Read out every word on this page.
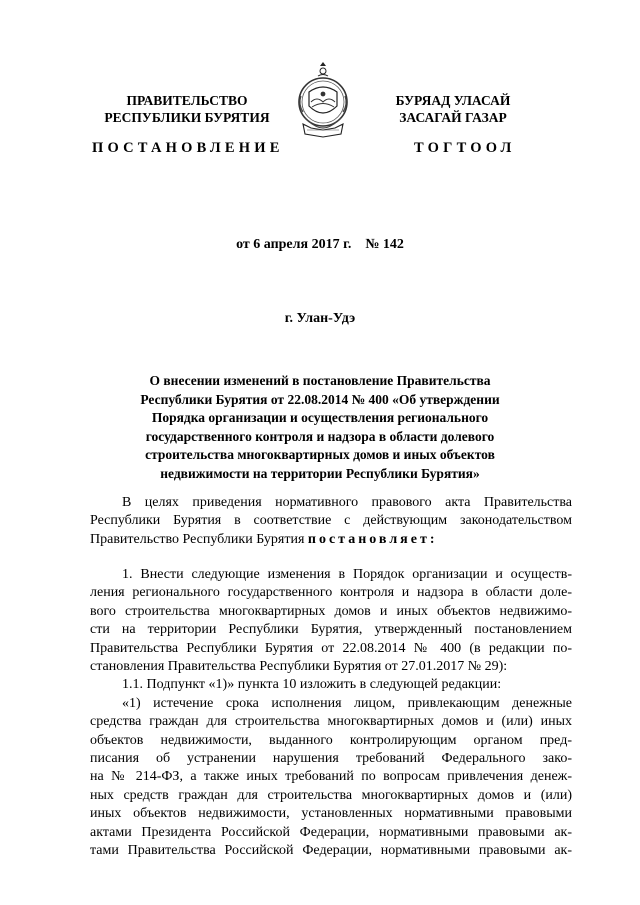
ПРАВИТЕЛЬСТВО
РЕСПУБЛИКИ БУРЯТИЯ
БУРЯАД УЛАСАЙ
ЗАСАГАЙ ГАЗАР
ПОСТАНОВЛЕНИЕ	ТОГТООЛ
от 6 апреля 2017 г. № 142
г. Улан-Удэ
О внесении изменений в постановление Правительства
Республики Бурятия от 22.08.2014 № 400 «Об утверждении
Порядка организации и осуществления регионального
государственного контроля и надзора в области долевого
строительства многоквартирных домов и иных объектов
недвижимости на территории Республики Бурятия»
В целях приведения нормативного правового акта Правительства
Республики Бурятия в соответствие с действующим законодательством
Правительство Республики Бурятия постановляет:
1. Внести следующие изменения в Порядок организации и осуществ-
ления регионального государственного контроля и надзора в области доле-
вого строительства многоквартирных домов и иных объектов недвижимо-
сти на территории Республики Бурятия, утвержденный постановлением
Правительства Республики Бурятия от 22.08.2014 № 400 (в редакции по-
становления Правительства Республики Бурятия от 27.01.2017 № 29):
1.1. Подпункт «1)» пункта 10 изложить в следующей редакции:
«1) истечение срока исполнения лицом, привлекающим денежные
средства граждан для строительства многоквартирных домов и (или) иных
объектов недвижимости, выданного контролирующим органом пред-
писания об устранении нарушения требований Федерального зако-
на № 214-ФЗ, а также иных требований по вопросам привлечения денеж-
ных средств граждан для строительства многоквартирных домов и (или)
иных объектов недвижимости, установленных нормативными правовыми
актами Президента Российской Федерации, нормативными правовыми ак-
тами Правительства Российской Федерации, нормативными правовыми ак-
